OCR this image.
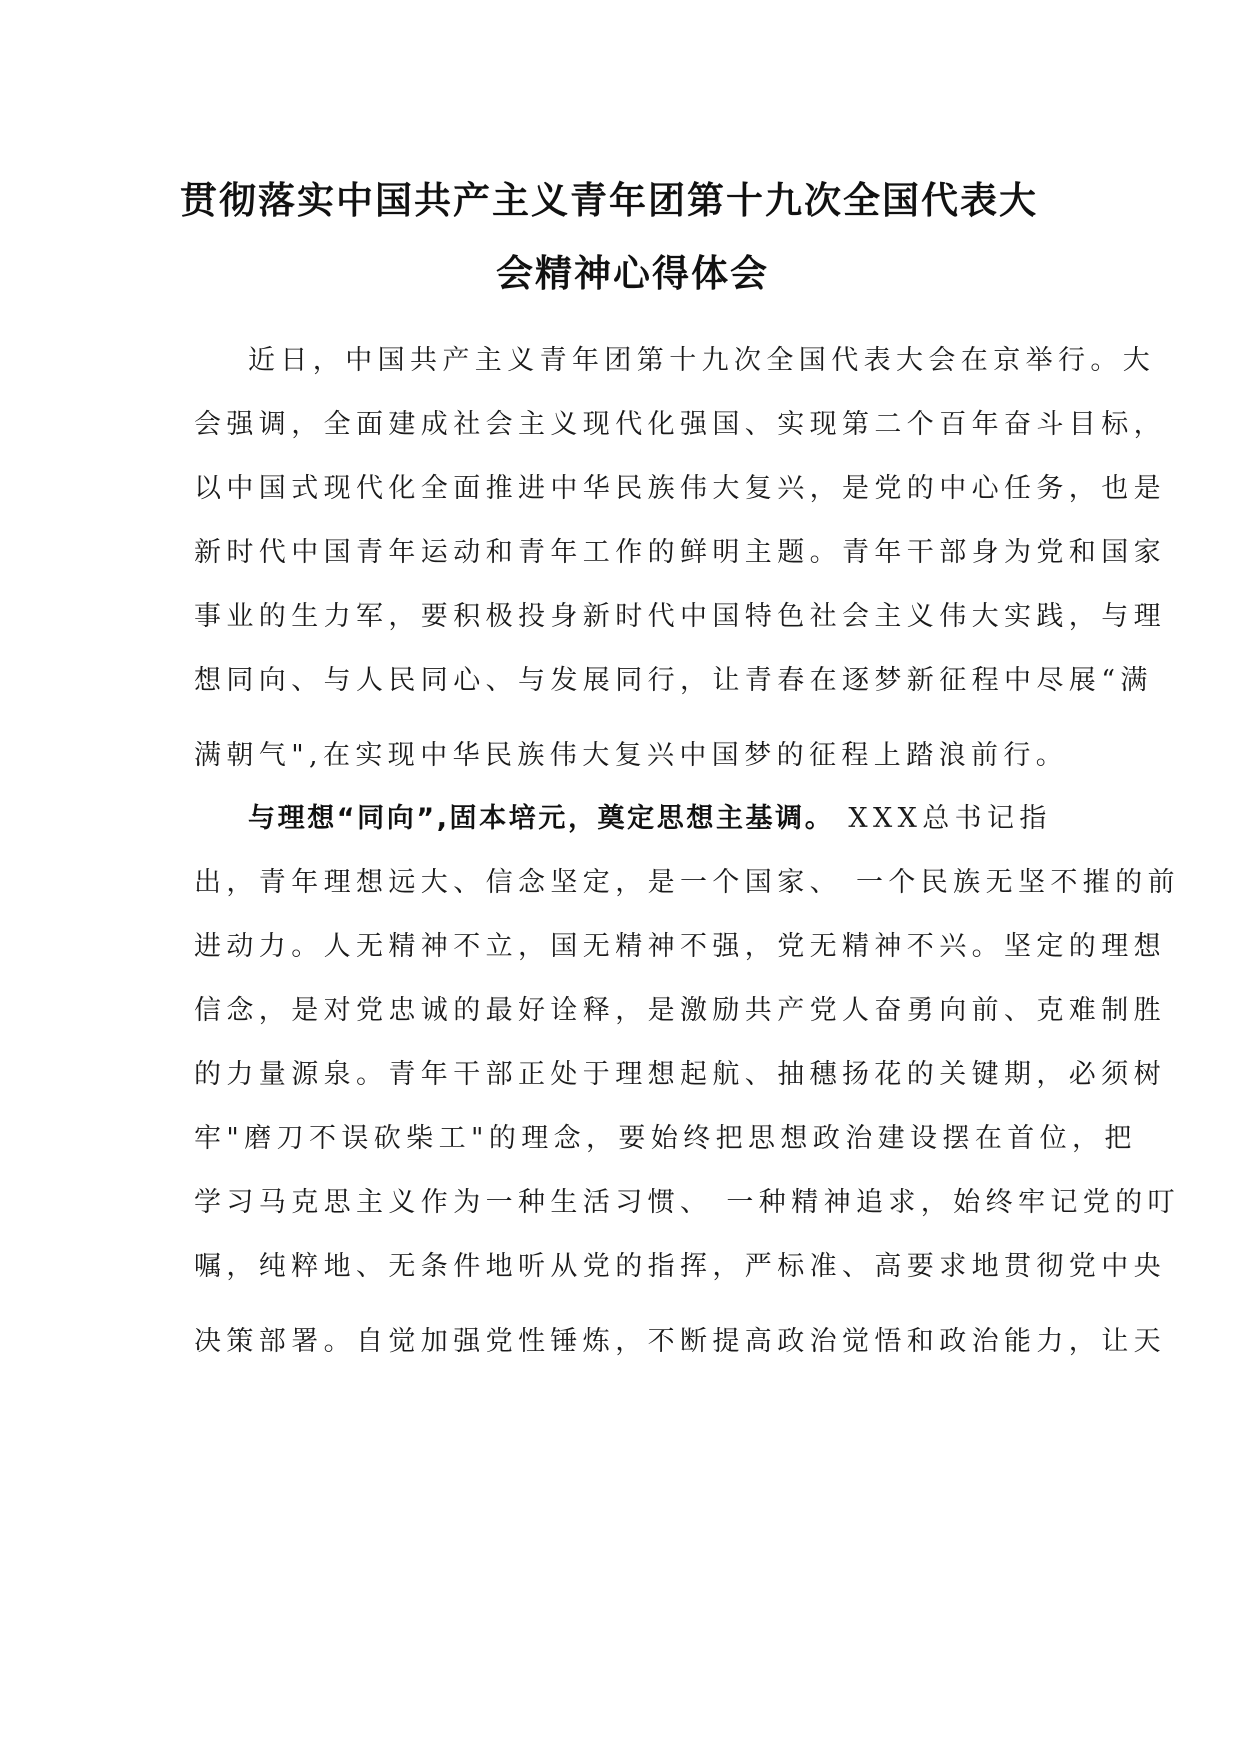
贯彻落实中国共产主义青年团第十九次全国代表大
会精神心得体会
近日，中国共产主义青年团第十九次全国代表大会在京举行。大
会强调，全面建成社会主义现代化强国、实现第二个百年奋斗目标，
以中国式现代化全面推进中华民族伟大复兴，是党的中心任务，也是
新时代中国青年运动和青年工作的鲜明主题。青年干部身为党和国家
事业的生力军，要积极投身新时代中国特色社会主义伟大实践，与理
想同向、与人民同心、与发展同行，让青春在逐梦新征程中尽展“满
满朝气",在实现中华民族伟大复兴中国梦的征程上踏浪前行。
与理想“同向”,固本培元，奠定思想主基调。 XXX总书记指
出，青年理想远大、信念坚定，是一个国家、 一个民族无坚不摧的前
进动力。人无精神不立，国无精神不强，党无精神不兴。坚定的理想
信念，是对党忠诚的最好诠释，是激励共产党人奋勇向前、克难制胜
的力量源泉。青年干部正处于理想起航、抽穗扬花的关键期，必须树
牢"磨刀不误砍柴工"的理念，要始终把思想政治建设摆在首位，把
学习马克思主义作为一种生活习惯、 一种精神追求，始终牢记党的叮
嘱，纯粹地、无条件地听从党的指挥，严标准、高要求地贯彻党中央
决策部署。自觉加强党性锤炼，不断提高政治觉悟和政治能力，让天
